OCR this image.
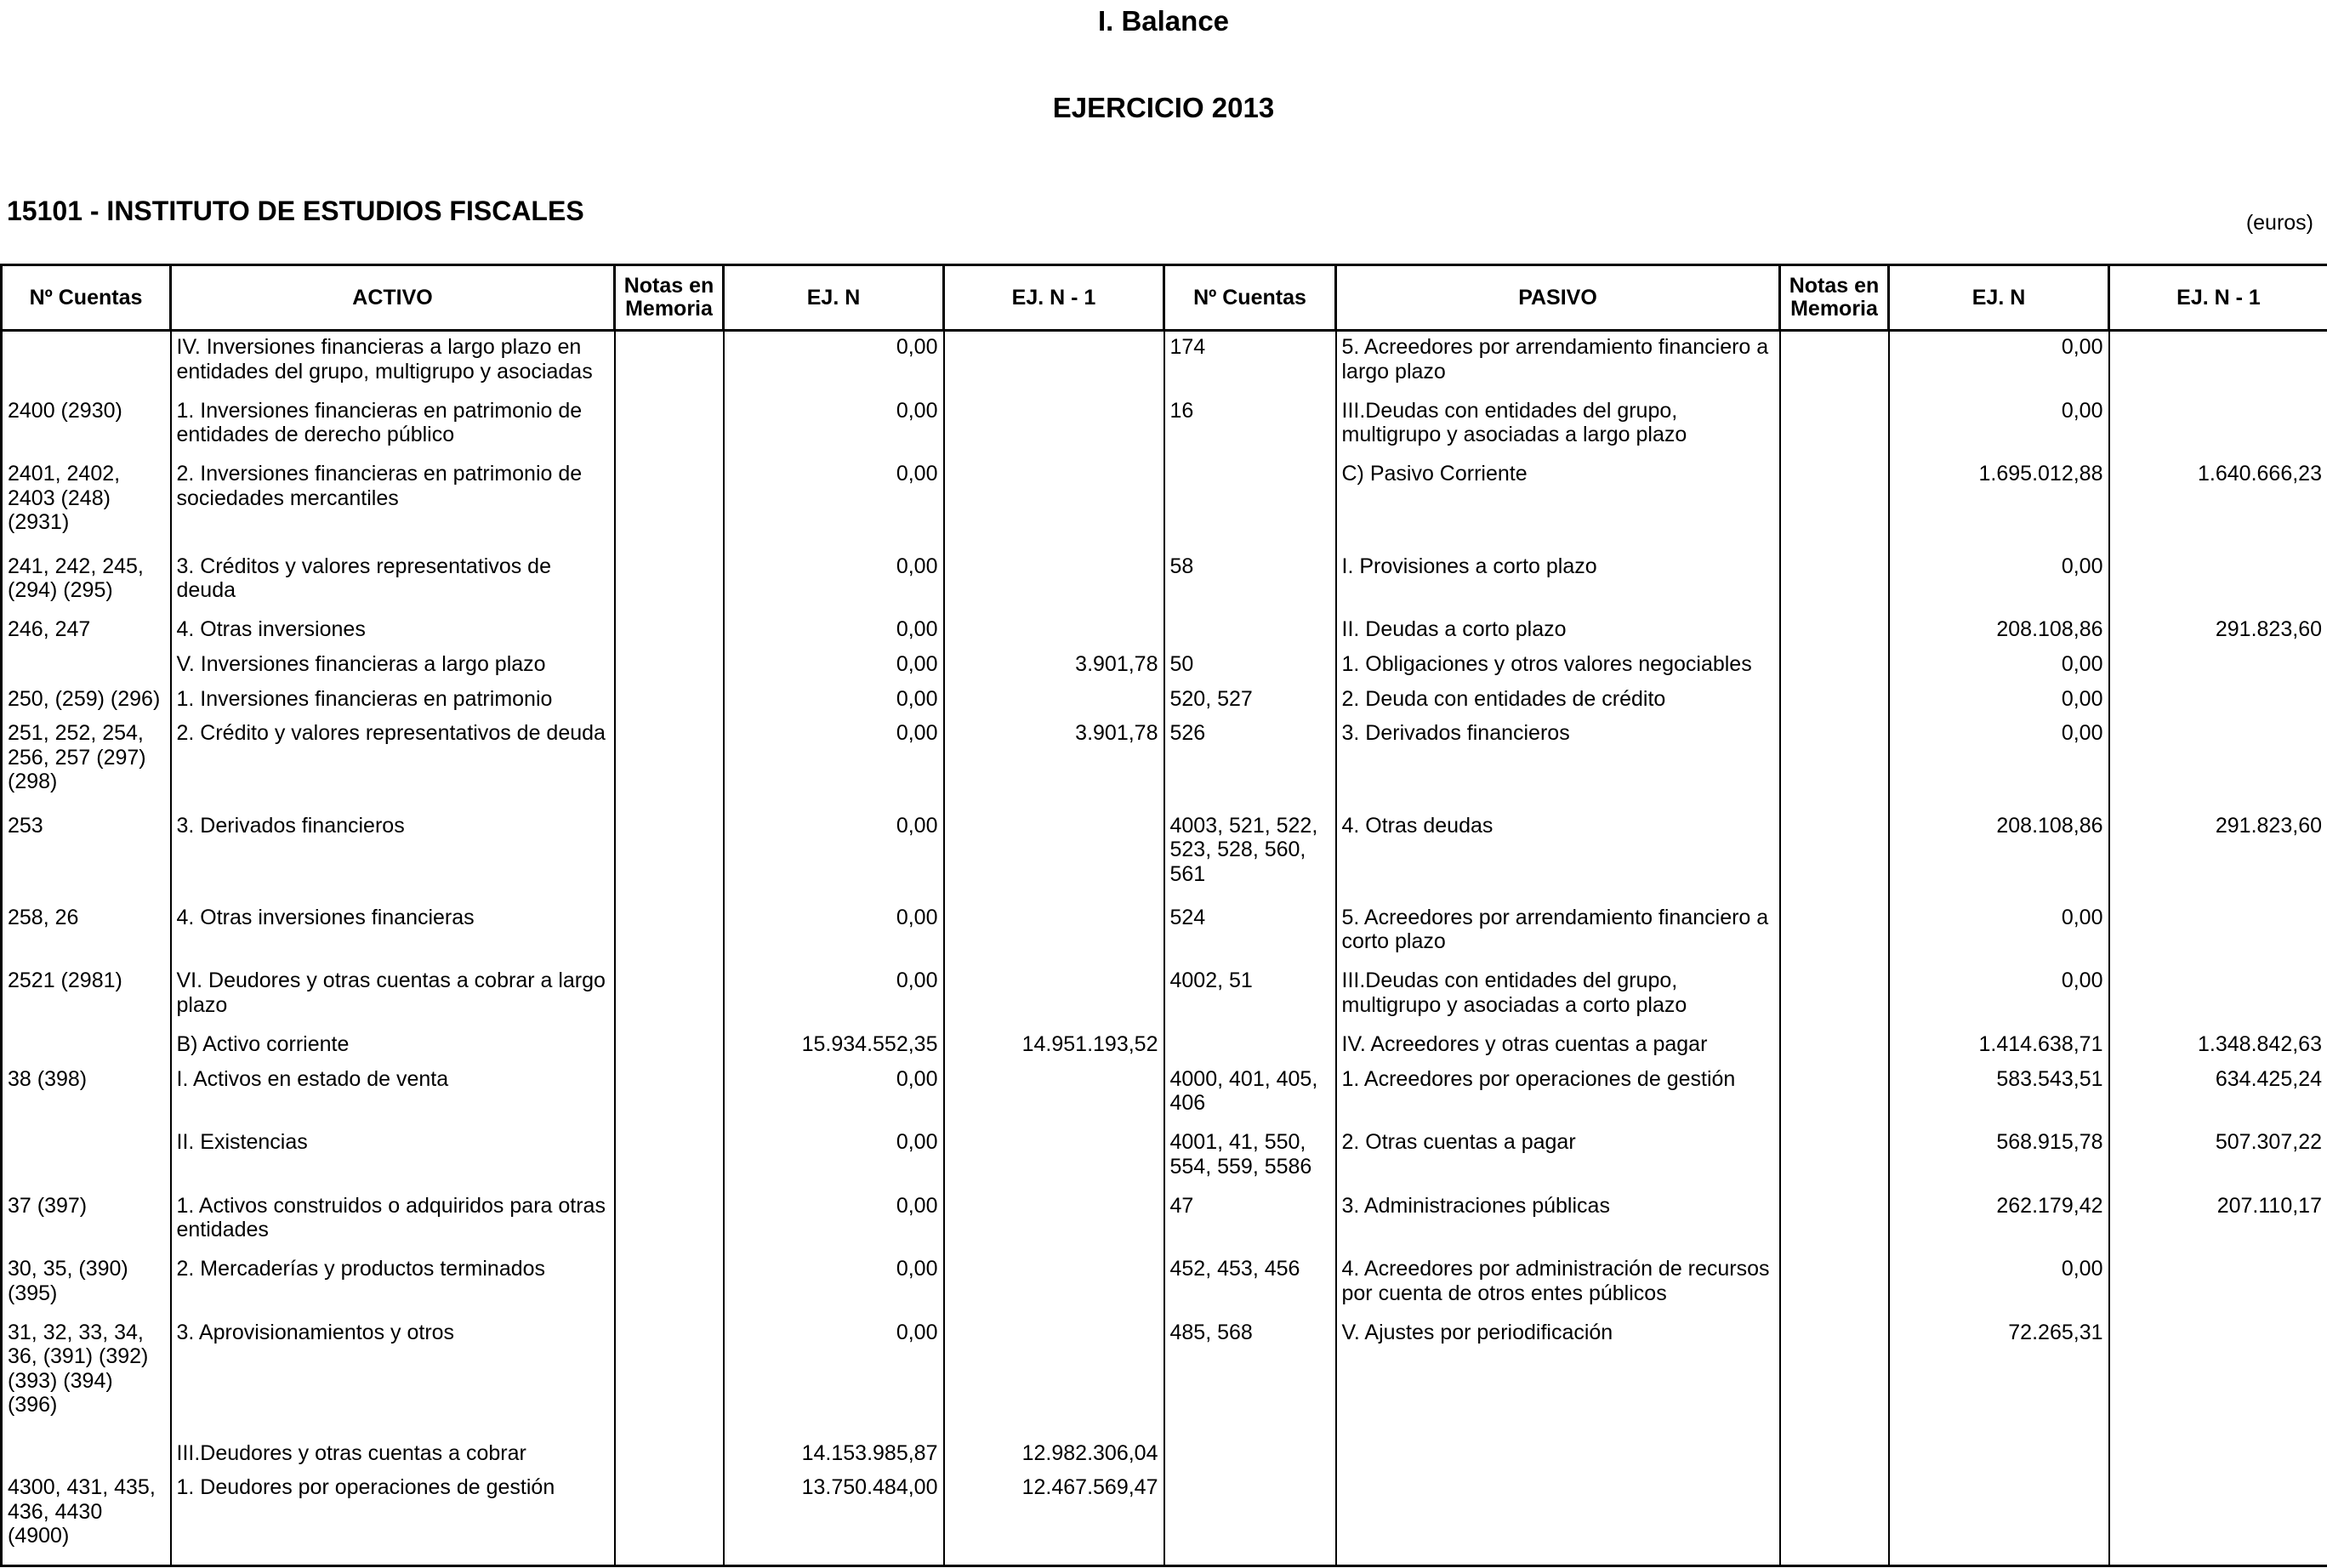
I. Balance
EJERCICIO 2013
15101 - INSTITUTO DE ESTUDIOS FISCALES	(euros)
Nº Cuentas	ACTIVO	Notas en Memoria	EJ. N	EJ. N - 1	Nº Cuentas	PASIVO	Notas en Memoria	EJ. N	EJ. N - 1
	IV. Inversiones financieras a largo plazo en entidades del grupo, multigrupo y asociadas		0,00		174	5. Acreedores por arrendamiento financiero a largo plazo		0,00	
2400 (2930)	1. Inversiones financieras en patrimonio de entidades de derecho público		0,00		16	III.Deudas con entidades del grupo, multigrupo y asociadas a largo plazo		0,00	
2401, 2402, 2403 (248) (2931)	2. Inversiones financieras en patrimonio de sociedades mercantiles		0,00			C) Pasivo Corriente		1.695.012,88	1.640.666,23
241, 242, 245, (294) (295)	3. Créditos y valores representativos de deuda		0,00		58	I. Provisiones a corto plazo		0,00	
246, 247	4. Otras inversiones		0,00			II. Deudas a corto plazo		208.108,86	291.823,60
	V. Inversiones financieras a largo plazo		0,00	3.901,78	50	1. Obligaciones y otros valores negociables		0,00	
250, (259) (296)	1. Inversiones financieras en patrimonio		0,00		520, 527	2. Deuda con entidades de crédito		0,00	
251, 252, 254, 256, 257 (297) (298)	2. Crédito y valores representativos de deuda		0,00	3.901,78	526	3. Derivados financieros		0,00	
253	3. Derivados financieros		0,00		4003, 521, 522, 523, 528, 560, 561	4. Otras deudas		208.108,86	291.823,60
258, 26	4. Otras inversiones financieras		0,00		524	5. Acreedores por arrendamiento financiero a corto plazo		0,00	
2521 (2981)	VI. Deudores y otras cuentas a cobrar a largo plazo		0,00		4002, 51	III.Deudas con entidades del grupo, multigrupo y asociadas a corto plazo		0,00	
	B) Activo corriente		15.934.552,35	14.951.193,52		IV. Acreedores y otras cuentas a pagar		1.414.638,71	1.348.842,63
38 (398)	I. Activos en estado de venta		0,00		4000, 401, 405, 406	1. Acreedores por operaciones de gestión		583.543,51	634.425,24
	II. Existencias		0,00		4001, 41, 550, 554, 559, 5586	2. Otras cuentas a pagar		568.915,78	507.307,22
37 (397)	1. Activos construidos o adquiridos para otras entidades		0,00		47	3. Administraciones públicas		262.179,42	207.110,17
30, 35, (390) (395)	2. Mercaderías y productos terminados		0,00		452, 453, 456	4. Acreedores por administración de recursos por cuenta de otros entes públicos		0,00	
31, 32, 33, 34, 36, (391) (392) (393) (394) (396)	3. Aprovisionamientos y otros		0,00		485, 568	V. Ajustes por periodificación		72.265,31	
	III.Deudores y otras cuentas a cobrar		14.153.985,87	12.982.306,04					
4300, 431, 435, 436, 4430 (4900)	1. Deudores por operaciones de gestión		13.750.484,00	12.467.569,47					
